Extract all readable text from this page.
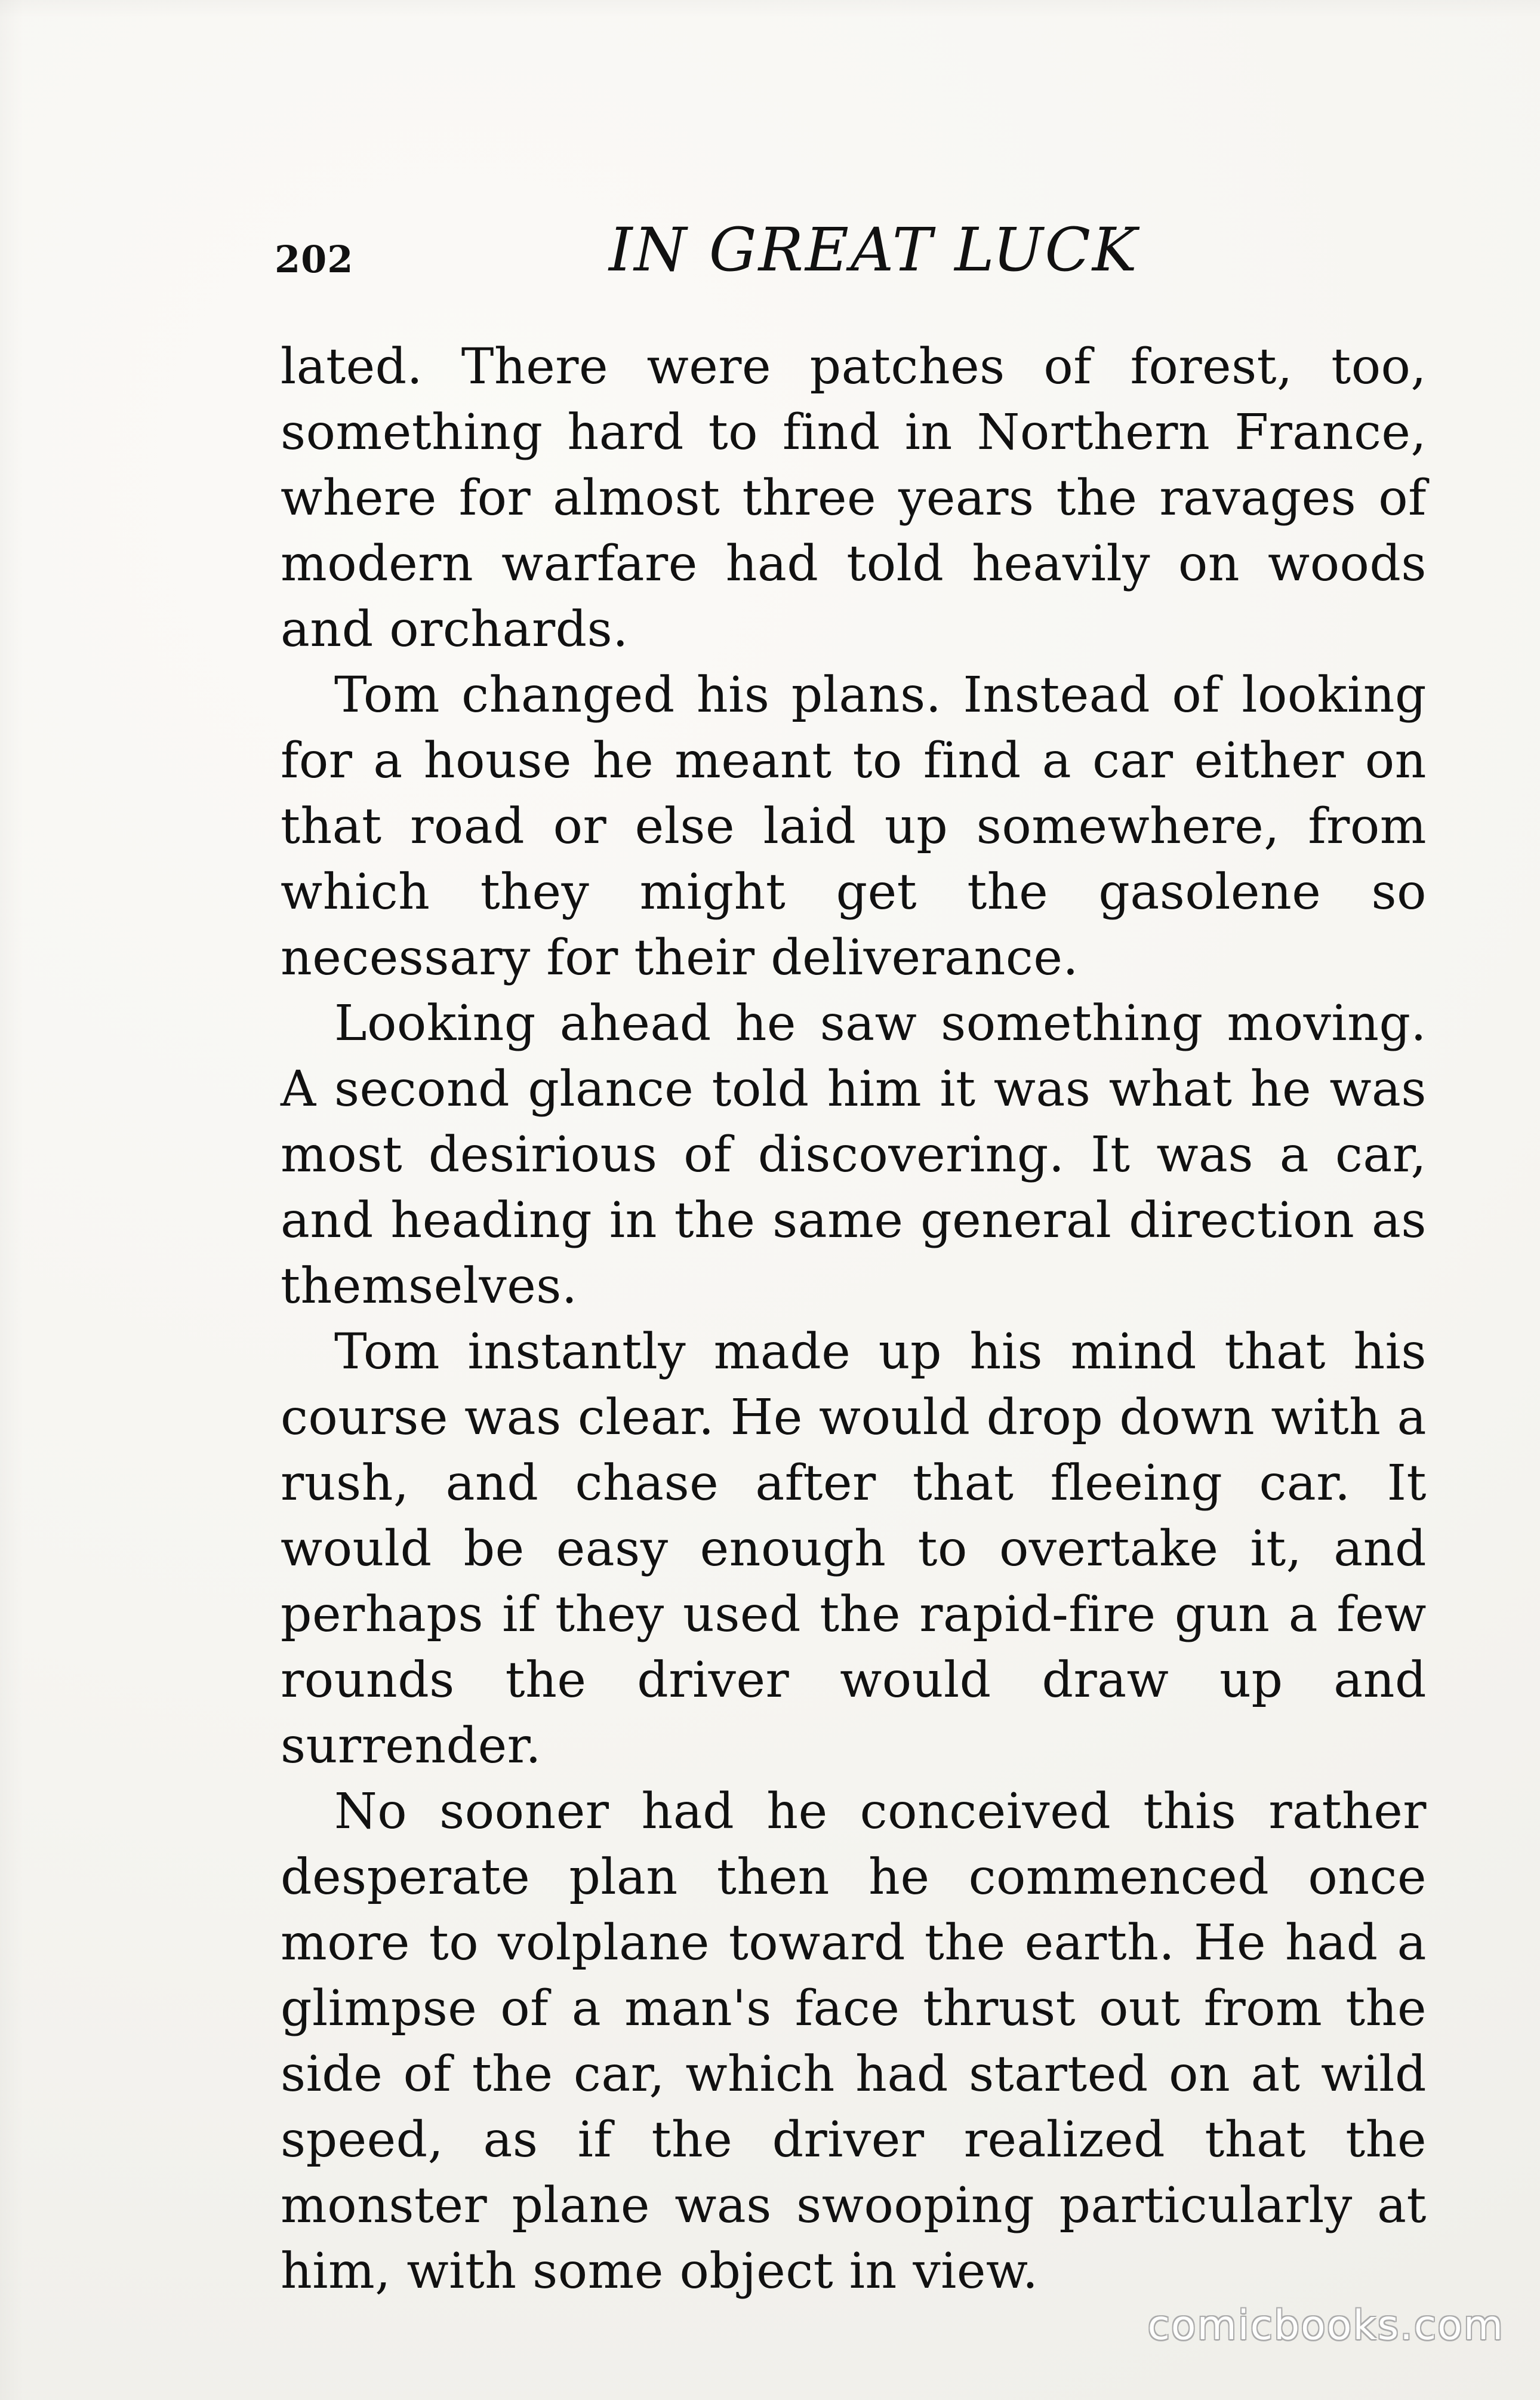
202	IN GREAT LUCK

lated. There were patches of forest, too, something hard to find in Northern France, where for almost three years the ravages of modern warfare had told heavily on woods and orchards.

Tom changed his plans. Instead of looking for a house he meant to find a car either on that road or else laid up somewhere, from which they might get the gasolene so necessary for their deliverance.

Looking ahead he saw something moving. A second glance told him it was what he was most desirious of discovering. It was a car, and heading in the same general direction as themselves.

Tom instantly made up his mind that his course was clear. He would drop down with a rush, and chase after that fleeing car. It would be easy enough to overtake it, and perhaps if they used the rapid-fire gun a few rounds the driver would draw up and surrender.

No sooner had he conceived this rather desperate plan then he commenced once more to volplane toward the earth. He had a glimpse of a man's face thrust out from the side of the car, which had started on at wild speed, as if the driver realized that the monster plane was swooping particularly at him, with some object in view.

comicbooks.com
